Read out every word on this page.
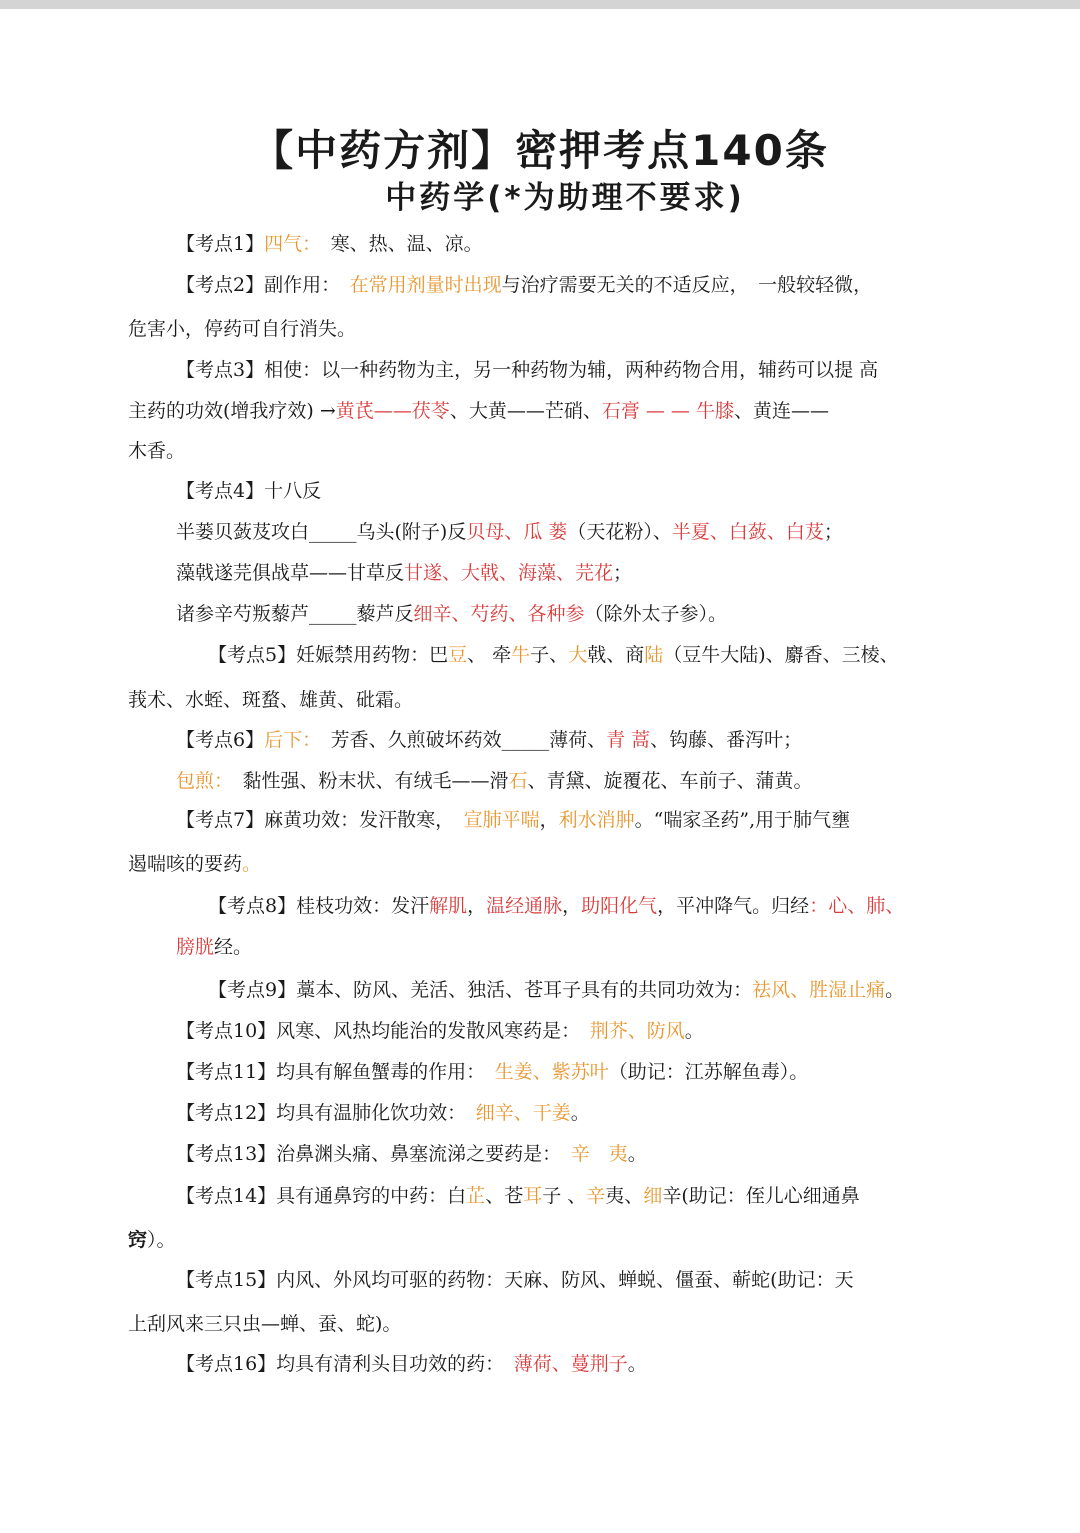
【中药方剂】密押考点140条
中药学(*为助理不要求)
【考点1】四气：　寒、热、温、凉。
【考点2】副作用：　在常用剂量时出现与治疗需要无关的不适反应，　一般较轻微，
危害小，停药可自行消失。
【考点3】相使：以一种药物为主，另一种药物为辅，两种药物合用，辅药可以提 高
主药的功效(增我疗效) →黄芪——茯苓、大黄——芒硝、石膏 — — 牛膝、黄连——
木香。
【考点4】十八反
半蒌贝蔹芨攻白_____乌头(附子)反贝母、瓜 蒌（天花粉）、半夏、白蔹、白芨；
藻戟遂芫俱战草——甘草反甘遂、大戟、海藻、芫花；
诸参辛芍叛藜芦_____藜芦反细辛、芍药、各种参（除外太子参）。
【考点5】妊娠禁用药物：巴豆、 牵牛子、大戟、商陆（豆牛大陆)、麝香、三棱、
莪术、水蛭、斑蝥、雄黄、砒霜。
【考点6】后下：　芳香、久煎破坏药效_____薄荷、青 蒿、钩藤、番泻叶；
包煎：　黏性强、粉末状、有绒毛——滑石、青黛、旋覆花、车前子、蒲黄。
【考点7】麻黄功效：发汗散寒，　宣肺平喘，利水消肿。“喘家圣药”,用于肺气壅
遏喘咳的要药。
【考点8】桂枝功效：发汗解肌，温经通脉，助阳化气，平冲降气。归经：心、肺、
膀胱经。
【考点9】藁本、防风、羌活、独活、苍耳子具有的共同功效为：祛风、胜湿止痛。
【考点10】风寒、风热均能治的发散风寒药是：　荆芥、防风。
【考点11】均具有解鱼蟹毒的作用：　生姜、紫苏叶（助记：江苏解鱼毒）。
【考点12】均具有温肺化饮功效：　细辛、干姜。
【考点13】治鼻渊头痛、鼻塞流涕之要药是：　辛　夷。
【考点14】具有通鼻窍的中药：白芷、苍耳子 、辛夷、细辛(助记：侄儿心细通鼻
窍）。
【考点15】内风、外风均可驱的药物：天麻、防风、蝉蜕、僵蚕、蕲蛇(助记：天
上刮风来三只虫—蝉、蚕、蛇)。
【考点16】均具有清利头目功效的药：　薄荷、蔓荆子。
